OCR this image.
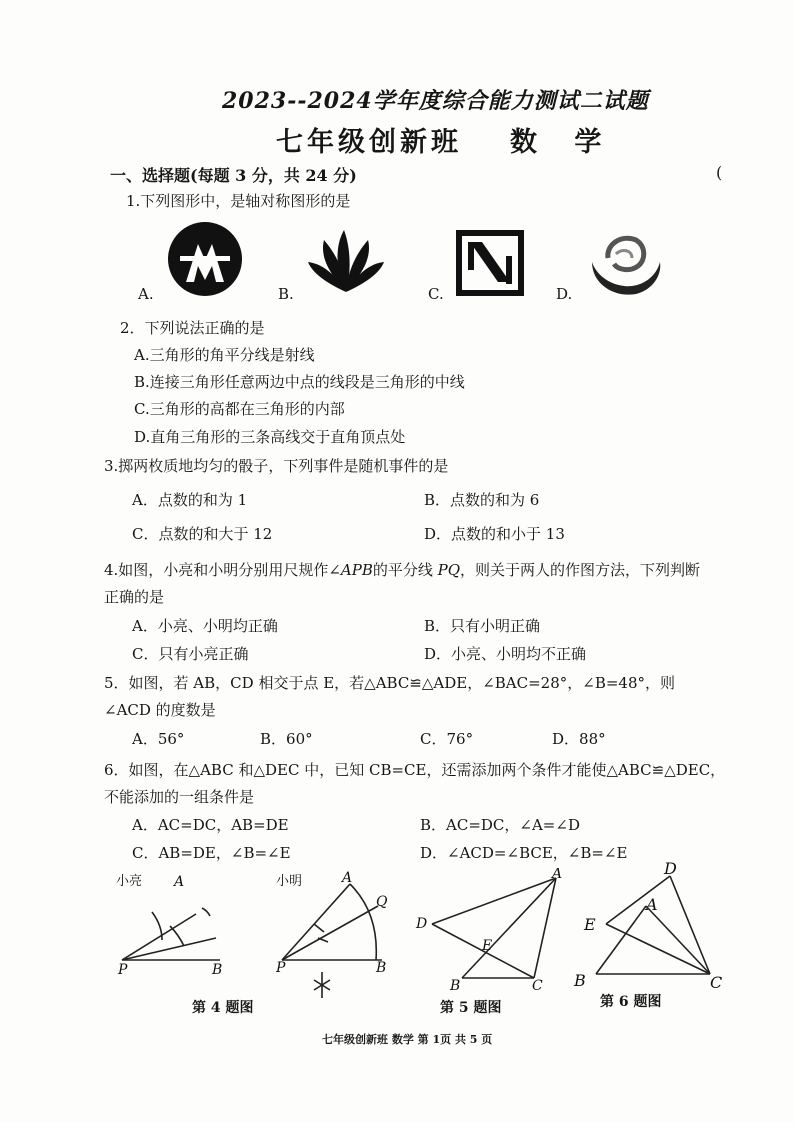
2023--2024学年度综合能力测试二试题
七年级创新班 数 学
(
一、选择题(每题 3 分，共 24 分)
1.下列图形中，是轴对称图形的是
A.	B.	C.	D.
2．下列说法正确的是
A.三角形的角平分线是射线
B.连接三角形任意两边中点的线段是三角形的中线
C.三角形的高都在三角形的内部
D.直角三角形的三条高线交于直角顶点处
3.掷两枚质地均匀的骰子，下列事件是随机事件的是
A．点数的和为 1	B．点数的和为 6
C．点数的和大于 12	D．点数的和小于 13
4.如图，小亮和小明分别用尺规作∠APB的平分线 PQ，则关于两人的作图方法，下列判断
正确的是
A．小亮、小明均正确	B．只有小明正确
C．只有小亮正确	D．小亮、小明均不正确
5．如图，若 AB，CD 相交于点 E，若△ABC≌△ADE，∠BAC=28°，∠B=48°，则
∠ACD 的度数是
A．56°	B．60°	C．76°	D．88°
6．如图，在△ABC 和△DEC 中，已知 CB=CE，还需添加两个条件才能使△ABC≌△DEC，
不能添加的一组条件是
A．AC=DC，AB=DE	B．AC=DC，∠A=∠D
C．AB=DE，∠B=∠E	D．∠ACD=∠BCE，∠B=∠E
小亮
P	B
A	小明
P	B
A
Q
第 4 题图
D
A
E
B	C
第 5 题图
D
A
E
B	C
第 6 题图
七年级创新班 数学 第 1页 共 5 页
